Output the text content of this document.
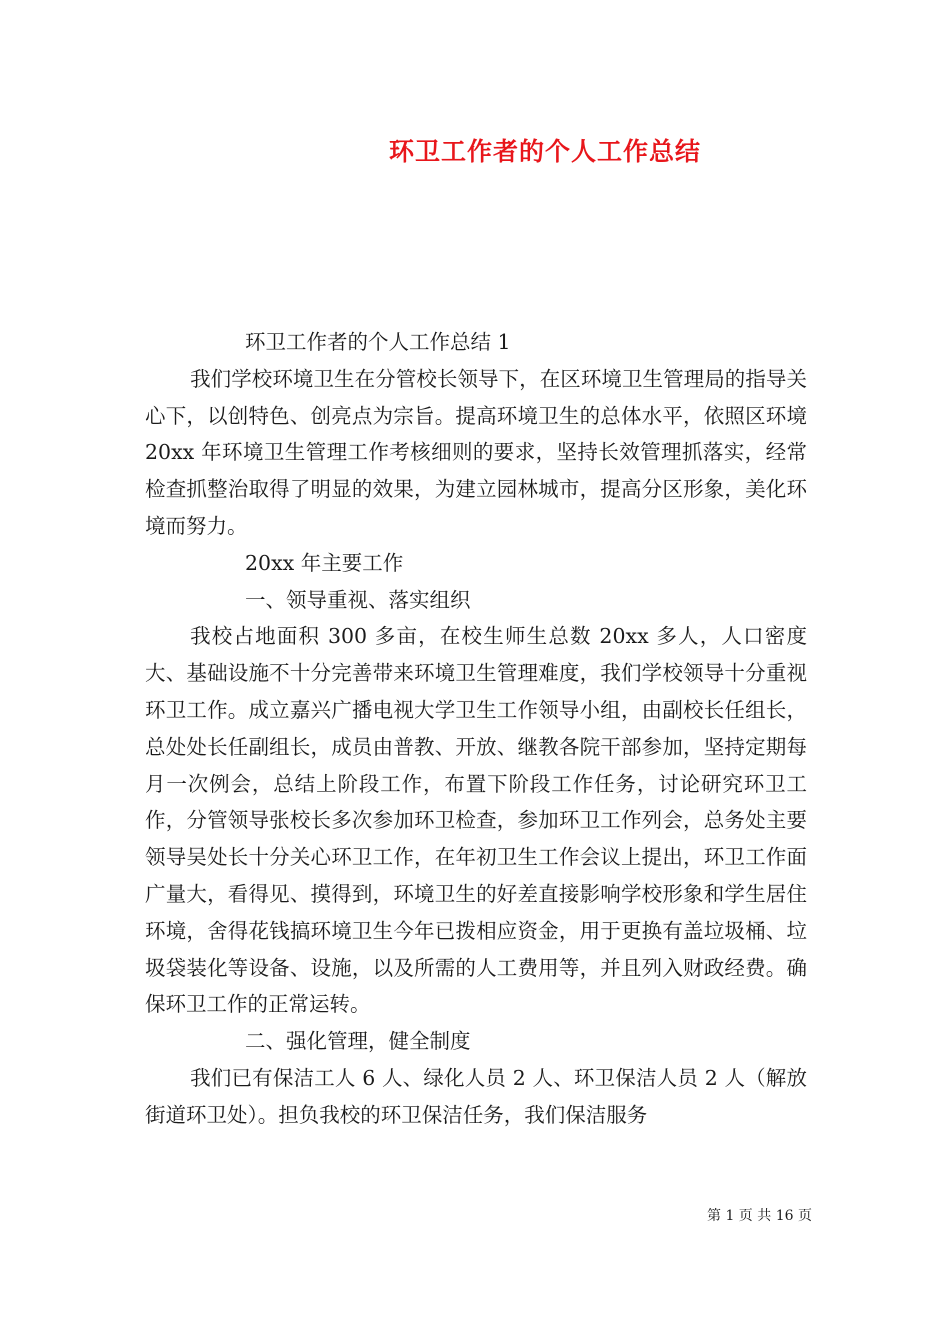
环卫工作者的个人工作总结

环卫工作者的个人工作总结 1

我们学校环境卫生在分管校长领导下，在区环境卫生管理局的指导关心下，以创特色、创亮点为宗旨。提高环境卫生的总体水平，依照区环境 20xx 年环境卫生管理工作考核细则的要求，坚持长效管理抓落实，经常检查抓整治取得了明显的效果，为建立园林城市，提高分区形象，美化环境而努力。

20xx 年主要工作

一、领导重视、落实组织

我校占地面积 300 多亩，在校生师生总数 20xx 多人，人口密度大、基础设施不十分完善带来环境卫生管理难度，我们学校领导十分重视环卫工作。成立嘉兴广播电视大学卫生工作领导小组，由副校长任组长，总处处长任副组长，成员由普教、开放、继教各院干部参加，坚持定期每月一次例会，总结上阶段工作，布置下阶段工作任务，讨论研究环卫工作，分管领导张校长多次参加环卫检查，参加环卫工作列会，总务处主要领导吴处长十分关心环卫工作，在年初卫生工作会议上提出，环卫工作面广量大，看得见、摸得到，环境卫生的好差直接影响学校形象和学生居住环境，舍得花钱搞环境卫生今年已拨相应资金，用于更换有盖垃圾桶、垃圾袋装化等设备、设施，以及所需的人工费用等，并且列入财政经费。确保环卫工作的正常运转。

二、强化管理，健全制度

我们已有保洁工人 6 人、绿化人员 2 人、环卫保洁人员 2 人（解放街道环卫处）。担负我校的环卫保洁任务，我们保洁服务

第 1 页 共 16 页
